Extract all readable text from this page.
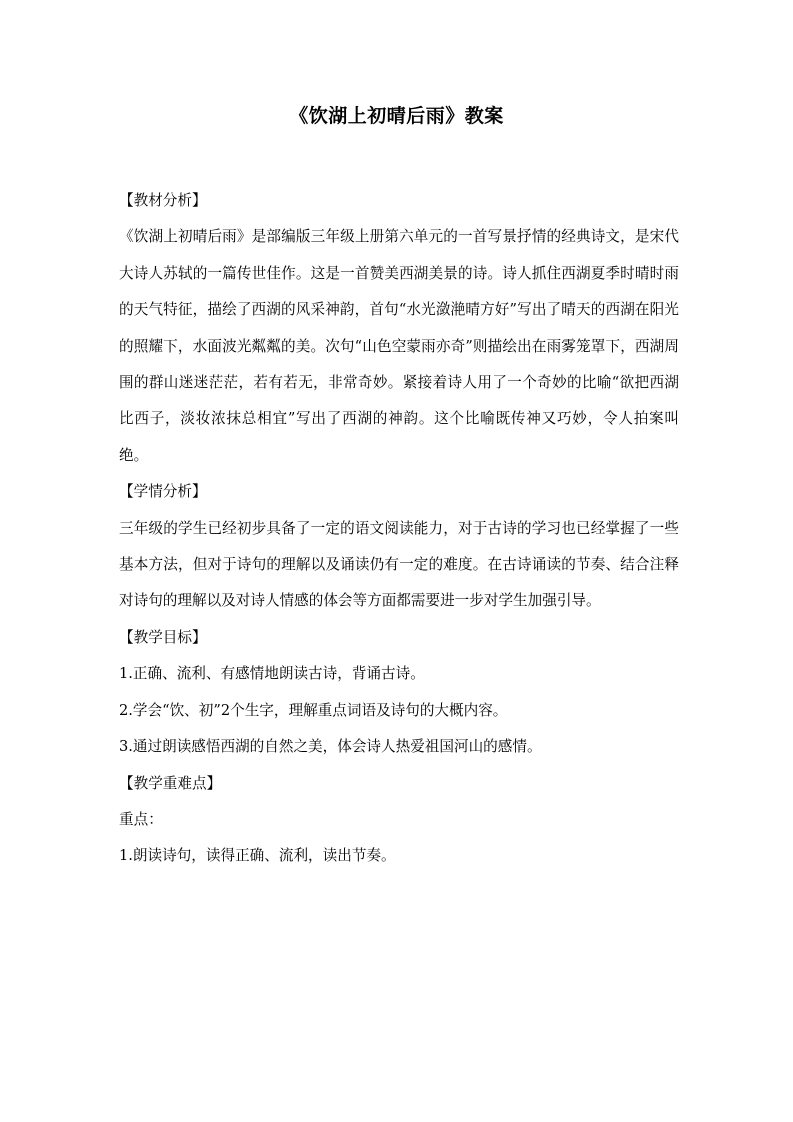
《饮湖上初晴后雨》教案
【教材分析】

《饮湖上初晴后雨》是部编版三年级上册第六单元的一首写景抒情的经典诗文，是宋代大诗人苏轼的一篇传世佳作。这是一首赞美西湖美景的诗。诗人抓住西湖夏季时晴时雨的天气特征，描绘了西湖的风采神韵，首句“水光潋滟晴方好”写出了晴天的西湖在阳光的照耀下，水面波光粼粼的美。次句“山色空蒙雨亦奇”则描绘出在雨雾笼罩下，西湖周围的群山迷迷茫茫，若有若无，非常奇妙。紧接着诗人用了一个奇妙的比喻“欲把西湖比西子，淡妆浓抹总相宜”写出了西湖的神韵。这个比喻既传神又巧妙，令人拍案叫绝。

【学情分析】

三年级的学生已经初步具备了一定的语文阅读能力，对于古诗的学习也已经掌握了一些基本方法，但对于诗句的理解以及诵读仍有一定的难度。在古诗诵读的节奏、结合注释对诗句的理解以及对诗人情感的体会等方面都需要进一步对学生加强引导。

【教学目标】

1.正确、流利、有感情地朗读古诗，背诵古诗。

2.学会“饮、初”2个生字，理解重点词语及诗句的大概内容。

3.通过朗读感悟西湖的自然之美，体会诗人热爱祖国河山的感情。

【教学重难点】

重点：

1.朗读诗句，读得正确、流利，读出节奏。
